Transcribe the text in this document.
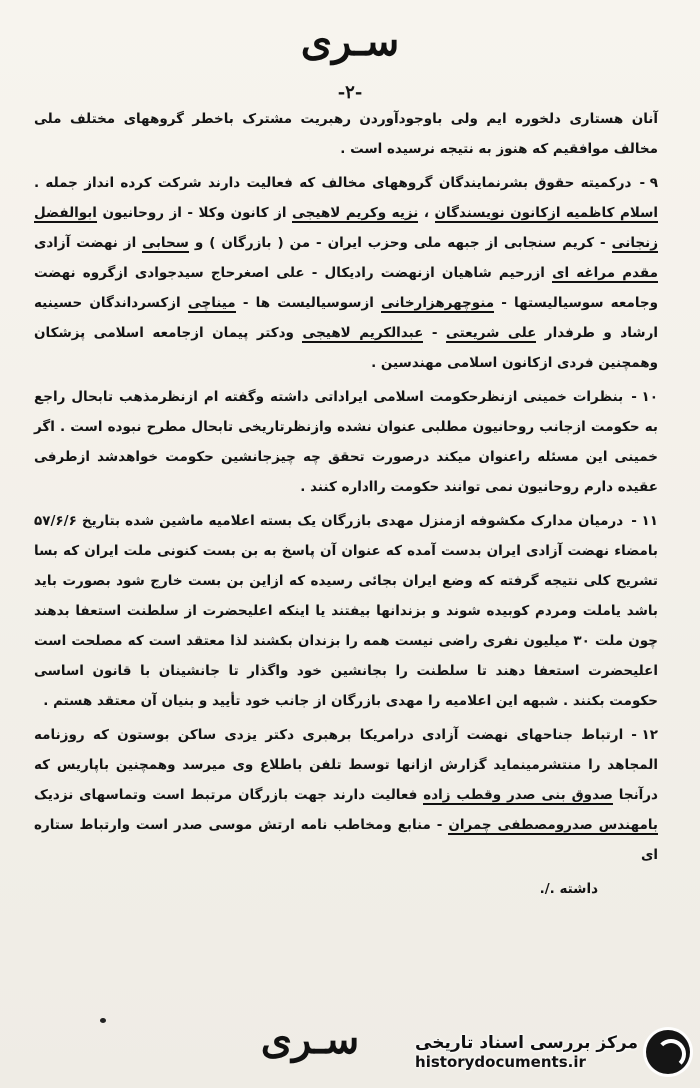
سـری
-۲-

آنان هستاری دلخوره ایم ولی باوجودآوردن رهبریت مشترک باخطر گروههای مختلف ملی مخالف موافقیم که هنوز به نتیجه نرسیده است .

۹ -درکمیته حقوق بشرنمایندگان گروههای مخالف که فعالیت دارند شرکت کرده انداز جمله . اسلام کاظمیه ازکانون نویسندگان ، نزیه وکریم لاهیجی از کانون وکلا - از روحانیون ابوالفضل زنجانی - کریم سنجابی از جبهه ملی وحزب ایران - من ( بازرگان ) و سحابی از نهضت آزادی مقدم مراغه ای ازرحیم شاهیان ازنهضت رادیکال - علی اصغرحاج سیدجوادی ازگروه نهضت وجامعه سوسیالیستها - منوچهرهزارخانی ازسوسیالیست ها - میناچی ازکسرداندگان حسینیه ارشاد و طرفدار علی شریعتی - عبدالکریم لاهیجی ودکتر پیمان ازجامعه اسلامی پزشکان وهمچنین فردی ازکانون اسلامی مهندسین .

۱۰ -بنظرات خمینی ازنظرحکومت اسلامی ایراداتی داشته وگفته ام ازنظرمذهب تابحال راجع به حکومت ازجانب روحانیون مطلبی عنوان نشده وازنظرتاریخی تابحال مطرح نبوده است . اگر خمینی این مسئله راعنوان میکند درصورت تحقق چه چیزجانشین حکومت خواهدشد ازطرفی عقیده دارم روحانیون نمی توانند حکومت رااداره کنند .

۱۱ -درمیان مدارک مکشوفه ازمنزل مهدی بازرگان یک بسته اعلامیه ماشین شده بتاریخ ۵۷/۶/۶ بامضاء نهضت آزادی ایران بدست آمده که عنوان آن پاسخ به بن بست کنونی ملت ایران که بسا تشریح کلی نتیجه گرفته که وضع ایران بجائی رسیده که ازاین بن بست خارج شود بصورت باید باشد یاملت ومردم کوبیده شوند و بزندانها بیفتند یا اینکه اعلیحضرت از سلطنت استعفا بدهند چون ملت ۳۰ میلیون نفری راضی نیست همه را بزندان بکشند لذا معتقد است که مصلحت است اعلیحضرت استعفا دهند تا سلطنت را بجانشین خود واگذار تا جانشینان با قانون اساسی حکومت بکنند . شبهه این اعلامیه را مهدی بازرگان از جانب خود تأیید و بنیان آن معتقد هستم .

۱۲ -ارتباط جناحهای نهضت آزادی درامریکا برهبری دکتر یزدی ساکن بوستون که روزنامه المجاهد را منتشرمینماید گزارش ازانها توسط تلفن باطلاع وی میرسد وهمچنین باپاریس که درآنجا صدوق بنی صدر وقطب زاده فعالیت دارند جهت بازرگان مرتبط است وتماسهای نزدیک بامهندس صدرومصطفی چمران - منابع ومخاطب نامه ارتش موسی صدر است وارتباط ستاره ای

داشته ./.

سـری	مرکز بررسی اسناد تاریخی
historydocuments.ir
